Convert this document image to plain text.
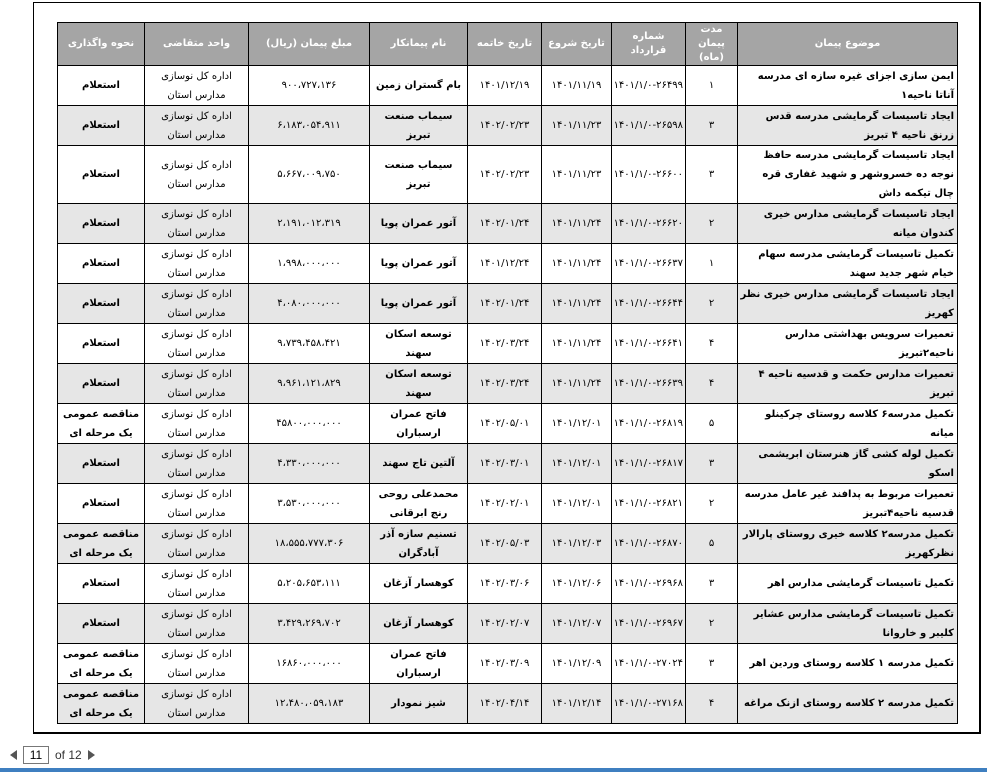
موضوع پیمان	مدت پیمان (ماه)	شماره قرارداد	تاریخ شروع	تاریخ خاتمه	نام پیمانکار	مبلغ پیمان (ریال)	واحد متقاضی	نحوه واگذاری
ایمن سازی اجزای غیره سازه ای مدرسه آناتا ناحیه۱	۱	۱۴۰۱/۱/۰-۲۶۴۹۹	۱۴۰۱/۱۱/۱۹	۱۴۰۱/۱۲/۱۹	بام گستران زمین	۹۰۰،۷۲۷،۱۳۶	اداره کل نوسازی مدارس استان	استعلام
ایجاد تاسیسات گرمایشی مدرسه قدس زرنق ناحیه ۴ تبریز	۳	۱۴۰۱/۱/۰-۲۶۵۹۸	۱۴۰۱/۱۱/۲۳	۱۴۰۲/۰۲/۲۳	سیماب صنعت تبریز	۶،۱۸۳،۰۵۴،۹۱۱	اداره کل نوسازی مدارس استان	استعلام
ایجاد تاسیسات گرمایشی مدرسه حافظ نوجه ده خسروشهر و شهید غفاری قره چال تیکمه داش	۳	۱۴۰۱/۱/۰-۲۶۶۰۰	۱۴۰۱/۱۱/۲۳	۱۴۰۲/۰۲/۲۳	سیماب صنعت تبریز	۵،۶۶۷،۰۰۹،۷۵۰	اداره کل نوسازی مدارس استان	استعلام
ایجاد تاسیسات گرمایشی مدارس خیری کندوان میانه	۲	۱۴۰۱/۱/۰-۲۶۶۲۰	۱۴۰۱/۱۱/۲۴	۱۴۰۲/۰۱/۲۴	آتور عمران پویا	۲،۱۹۱،۰۱۲،۳۱۹	اداره کل نوسازی مدارس استان	استعلام
تکمیل تاسیسات گرمایشی مدرسه سهام خیام شهر جدید سهند	۱	۱۴۰۱/۱/۰-۲۶۶۳۷	۱۴۰۱/۱۱/۲۴	۱۴۰۱/۱۲/۲۴	آتور عمران پویا	۱،۹۹۸،۰۰۰،۰۰۰	اداره کل نوسازی مدارس استان	استعلام
ایجاد تاسیسات گرمایشی مدارس خیری نظر کهریز	۲	۱۴۰۱/۱/۰-۲۶۶۴۴	۱۴۰۱/۱۱/۲۴	۱۴۰۲/۰۱/۲۴	آتور عمران پویا	۴،۰۸۰،۰۰۰،۰۰۰	اداره کل نوسازی مدارس استان	استعلام
تعمیرات سرویس بهداشتی مدارس ناحیه۲تبریز	۴	۱۴۰۱/۱/۰-۲۶۶۴۱	۱۴۰۱/۱۱/۲۴	۱۴۰۲/۰۳/۲۴	توسعه اسکان سهند	۹،۷۳۹،۴۵۸،۴۲۱	اداره کل نوسازی مدارس استان	استعلام
تعمیرات مدارس حکمت و قدسیه ناحیه ۴ تبریز	۴	۱۴۰۱/۱/۰-۲۶۶۳۹	۱۴۰۱/۱۱/۲۴	۱۴۰۲/۰۳/۲۴	توسعه اسکان سهند	۹،۹۶۱،۱۲۱،۸۲۹	اداره کل نوسازی مدارس استان	استعلام
تکمیل مدرسه۶ کلاسه روستای چرکینلو میانه	۵	۱۴۰۱/۱/۰-۲۶۸۱۹	۱۴۰۱/۱۲/۰۱	۱۴۰۲/۰۵/۰۱	فاتح عمران ارسباران	۴۵۸۰۰،۰۰۰،۰۰۰	اداره کل نوسازی مدارس استان	مناقصه عمومی یک مرحله ای
تکمیل لوله کشی گاز هنرستان ابریشمی اسکو	۳	۱۴۰۱/۱/۰-۲۶۸۱۷	۱۴۰۱/۱۲/۰۱	۱۴۰۲/۰۳/۰۱	آلتین تاج سهند	۴،۳۳۰،۰۰۰،۰۰۰	اداره کل نوسازی مدارس استان	استعلام
تعمیرات مربوط به پدافند غیر عامل مدرسه قدسیه ناحیه۴تبریز	۲	۱۴۰۱/۱/۰-۲۶۸۲۱	۱۴۰۱/۱۲/۰۱	۱۴۰۲/۰۲/۰۱	محمدعلی روحی رنج ابرقانی	۳،۵۳۰،۰۰۰،۰۰۰	اداره کل نوسازی مدارس استان	استعلام
تکمیل مدرسه۲ کلاسه خیری روستای پارالار نظرکهریز	۵	۱۴۰۱/۱/۰-۲۶۸۷۰	۱۴۰۱/۱۲/۰۳	۱۴۰۲/۰۵/۰۳	تسنیم سازه آذر آبادگران	۱۸،۵۵۵،۷۷۷،۳۰۶	اداره کل نوسازی مدارس استان	مناقصه عمومی یک مرحله ای
تکمیل تاسیسات گرمایشی مدارس اهر	۳	۱۴۰۱/۱/۰-۲۶۹۶۸	۱۴۰۱/۱۲/۰۶	۱۴۰۲/۰۳/۰۶	کوهسار آزغان	۵،۲۰۵،۶۵۳،۱۱۱	اداره کل نوسازی مدارس استان	استعلام
تکمیل تاسیسات گرمایشی مدارس عشایر کلیبر و خاروانا	۲	۱۴۰۱/۱/۰-۲۶۹۶۷	۱۴۰۱/۱۲/۰۷	۱۴۰۲/۰۲/۰۷	کوهسار آزغان	۳،۴۲۹،۲۶۹،۷۰۲	اداره کل نوسازی مدارس استان	استعلام
تکمیل مدرسه ۱ کلاسه روستای وردین اهر	۳	۱۴۰۱/۱/۰-۲۷۰۲۴	۱۴۰۱/۱۲/۰۹	۱۴۰۲/۰۳/۰۹	فاتح عمران ارسباران	۱۶۸۶۰،۰۰۰،۰۰۰	اداره کل نوسازی مدارس استان	مناقصه عمومی یک مرحله ای
تکمیل مدرسه ۲ کلاسه روستای ازنک مراغه	۴	۱۴۰۱/۱/۰-۲۷۱۶۸	۱۴۰۱/۱۲/۱۴	۱۴۰۲/۰۴/۱۴	شیز نمودار	۱۲،۴۸۰،۰۵۹،۱۸۳	اداره کل نوسازی مدارس استان	مناقصه عمومی یک مرحله ای
11
of 12
